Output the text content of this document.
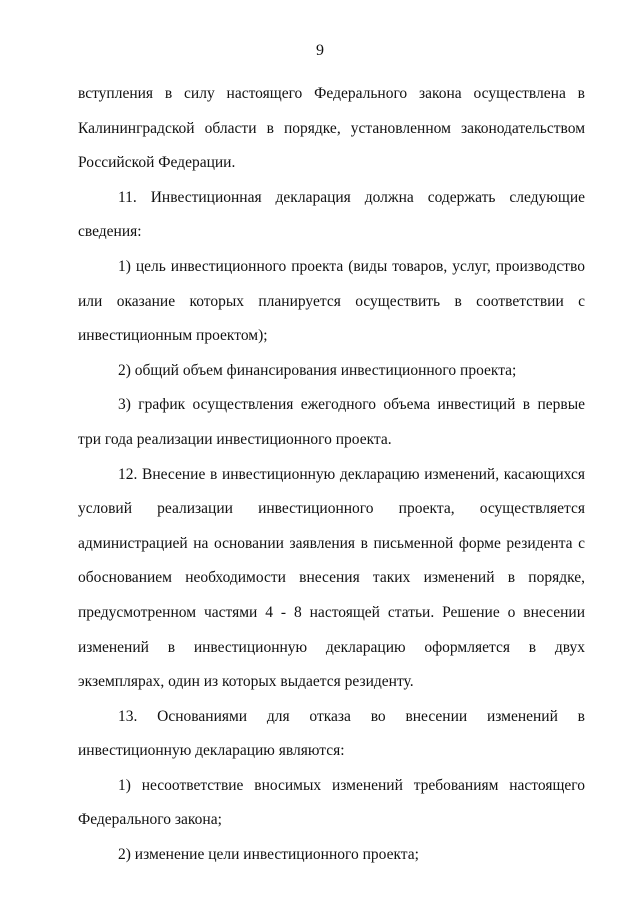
9

вступления в силу настоящего Федерального закона осуществлена в Калининградской области в порядке, установленном законодательством Российской Федерации.

11. Инвестиционная декларация должна содержать следующие сведения:

1) цель инвестиционного проекта (виды товаров, услуг, производство или оказание которых планируется осуществить в соответствии с инвестиционным проектом);

2) общий объем финансирования инвестиционного проекта;

3) график осуществления ежегодного объема инвестиций в первые три года реализации инвестиционного проекта.

12. Внесение в инвестиционную декларацию изменений, касающихся условий реализации инвестиционного проекта, осуществляется администрацией на основании заявления в письменной форме резидента с обоснованием необходимости внесения таких изменений в порядке, предусмотренном частями 4 - 8 настоящей статьи. Решение о внесении изменений в инвестиционную декларацию оформляется в двух экземплярах, один из которых выдается резиденту.

13. Основаниями для отказа во внесении изменений в инвестиционную декларацию являются:

1) несоответствие вносимых изменений требованиям настоящего Федерального закона;

2) изменение цели инвестиционного проекта;
